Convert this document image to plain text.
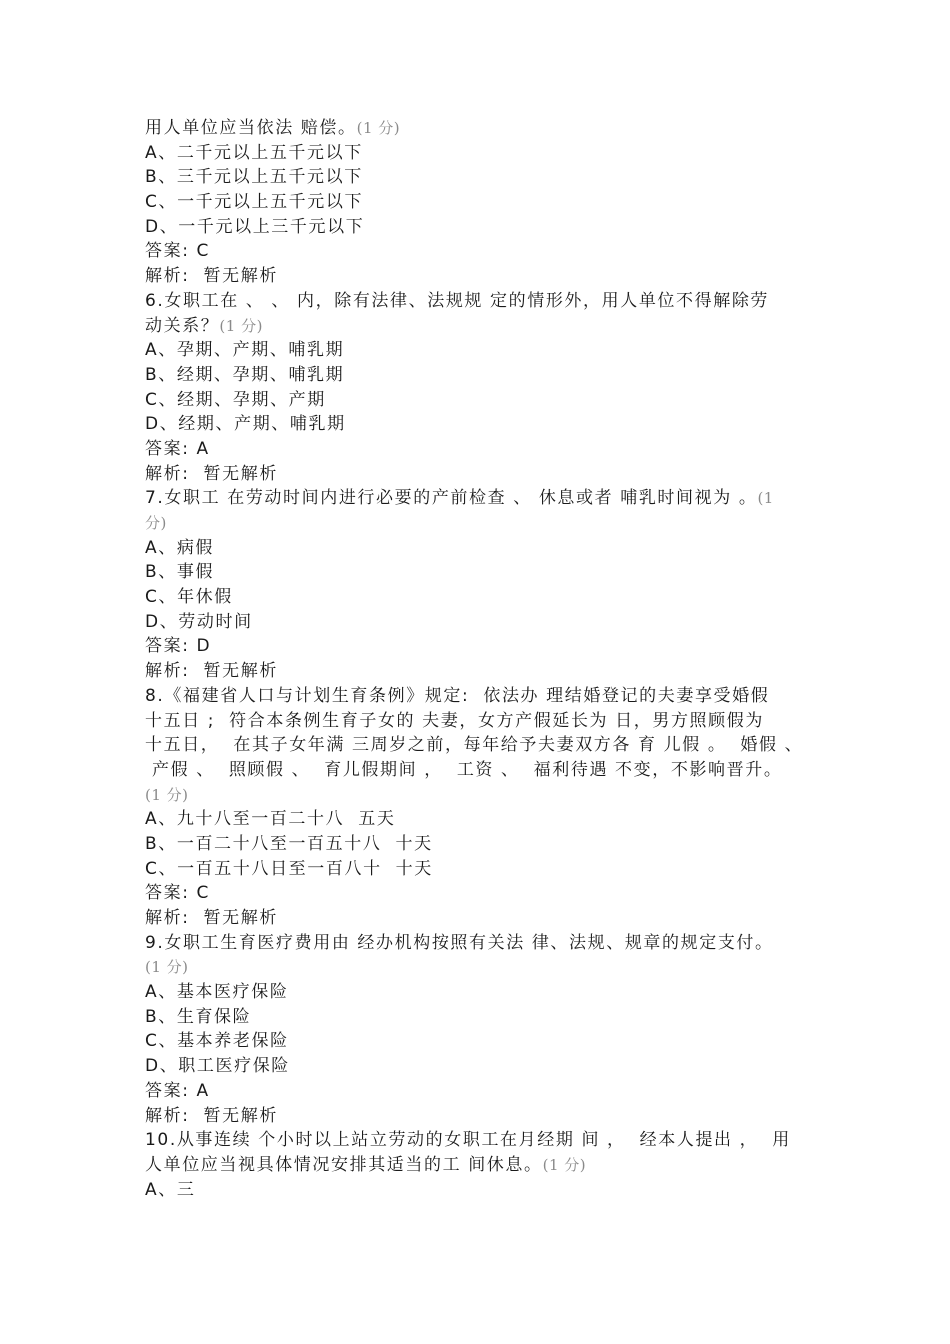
用人单位应当依法 赔偿。(1 分)
A、二千元以上五千元以下
B、三千元以上五千元以下
C、一千元以上五千元以下
D、一千元以上三千元以下
答案: C
解析:  暂无解析
6.女职工在 、 、 内，除有法律、法规规 定的情形外，用人单位不得解除劳
动关系？(1 分)
A、孕期、产期、哺乳期
B、经期、孕期、哺乳期
C、经期、孕期、产期
D、经期、产期、哺乳期
答案: A
解析:  暂无解析
7.女职工 在劳动时间内进行必要的产前检查 、 休息或者 哺乳时间视为 。(1
分)
A、病假
B、事假
C、年休假
D、劳动时间
答案: D
解析:  暂无解析
8.《福建省人口与计划生育条例》规定:  依法办 理结婚登记的夫妻享受婚假
十五日 ;  符合本条例生育子女的 夫妻，女方产假延长为 日，男方照顾假为
十五日，  在其子女年满 三周岁之前，每年给予夫妻双方各 育 儿假 。  婚假 、
产假 、  照顾假 、  育儿假期间 ，  工资 、  福利待遇 不变，不影响晋升。
(1 分)
A、九十八至一百二十八  五天
B、一百二十八至一百五十八  十天
C、一百五十八日至一百八十  十天
答案: C
解析:  暂无解析
9.女职工生育医疗费用由 经办机构按照有关法 律、法规、规章的规定支付。
(1 分)
A、基本医疗保险
B、生育保险
C、基本养老保险
D、职工医疗保险
答案: A
解析:  暂无解析
10.从事连续 个小时以上站立劳动的女职工在月经期 间 ，  经本人提出 ，  用
人单位应当视具体情况安排其适当的工 间休息。(1 分)
A、三
